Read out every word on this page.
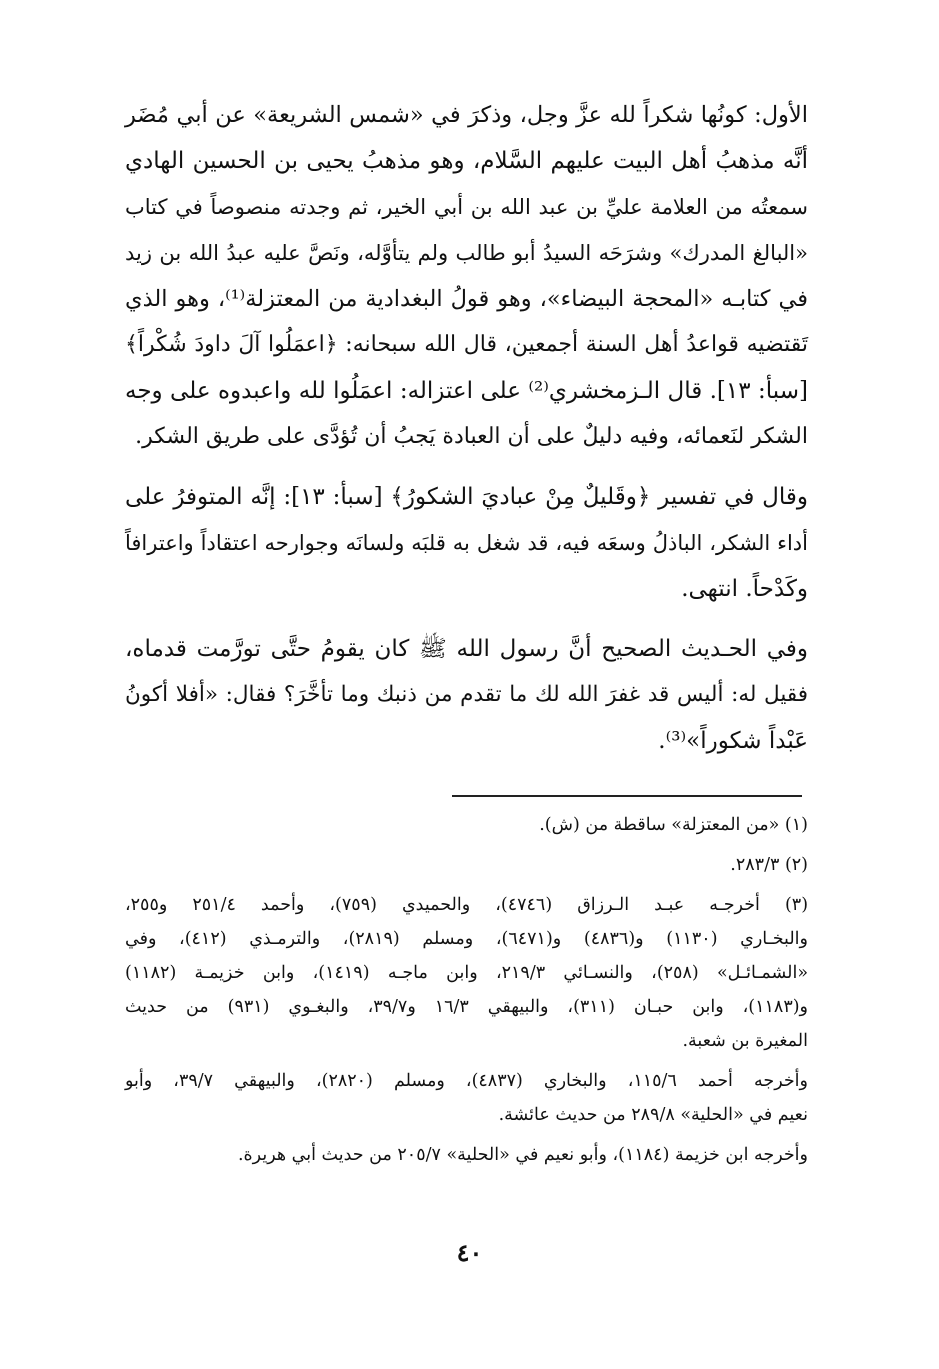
الأول: كونُها شكراً لله عزَّ وجل، وذكرَ في «شمس الشريعة» عن أبي مُضَر
أنَّه مذهبُ أهل البيت عليهم السَّلام، وهو مذهبُ يحيى بن الحسين الهادي
سمعتُه من العلامة عليِّ بن عبد الله بن أبي الخير، ثم وجدته منصوصاً في كتاب
«البالغ المدرك» وشرَحَه السيدُ أبو طالب ولم يتأوَّله، ونَصَّ عليه عبدُ الله بن زيد
في كتابـه «المحجة البيضاء»، وهو قولُ البغدادية من المعتزلة⁽¹⁾، وهو الذي
تَقتضيه قواعدُ أهل السنة أجمعين، قال الله سبحانه: ﴿اعمَلُوا آلَ داودَ شُكْراً﴾
[سبأ: ١٣]. قال الـزمخشري⁽²⁾ على اعتزاله: اعمَلُوا لله واعبدوه على وجه
الشكر لنَعمائه، وفيه دليلٌ على أن العبادة يَجبُ أن تُؤدَّى على طريق الشكر.

وقال في تفسير ﴿وقَليلٌ مِنْ عباديَ الشكورُ﴾ [سبأ: ١٣]: إنَّه المتوفرُ على
أداء الشكر، الباذلُ وسعَه فيه، قد شغل به قلبَه ولسانَه وجوارحه اعتقاداً واعترافاً
وكَدْحاً. انتهى.

وفي الحـديث الصحيح أنَّ رسول الله ﷺ كان يقومُ حتَّى تورَّمت قدماه،
فقيل له: أليس قد غفرَ الله لك ما تقدم من ذنبك وما تأخَّرَ؟ فقال: «أفلا أكونُ
عَبْداً شكوراً»⁽³⁾.

(١) «من المعتزلة» ساقطة من (ش).

(٢) ٢٨٣/٣.

(٣) أخرجـه عبـد الـرزاق (٤٧٤٦)، والحميدي (٧٥٩)، وأحمد ٢٥١/٤ و٢٥٥،
والبخـاري (١١٣٠) و(٤٨٣٦) و(٦٤٧١)، ومسلم (٢٨١٩)، والترمـذي (٤١٢)، وفي
«الشمـائـل» (٢٥٨)، والنسـائي ٢١٩/٣، وابن ماجـه (١٤١٩)، وابن خزيمـة (١١٨٢)
و(١١٨٣)، وابن حبـان (٣١١)، والبيهقي ١٦/٣ و٣٩/٧، والبغـوي (٩٣١) من حديث
المغيرة بن شعبة.

وأخرجه أحمد ١١٥/٦، والبخاري (٤٨٣٧)، ومسلم (٢٨٢٠)، والبيهقي ٣٩/٧، وأبو
نعيم في «الحلية» ٢٨٩/٨ من حديث عائشة.

وأخرجه ابن خزيمة (١١٨٤)، وأبو نعيم في «الحلية» ٢٠٥/٧ من حديث أبي هريرة.

٤٠
